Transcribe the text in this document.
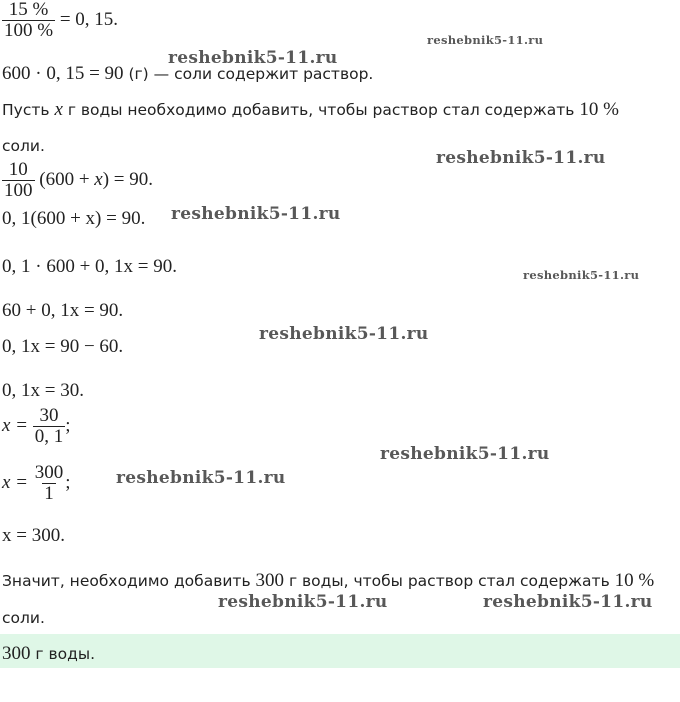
$\frac{15 \%}{100 \%} = 0$, 15.
600 · 0, 15 = 90 (г) — соли содержит раствор.
Пусть x г воды необходимо добавить, чтобы раствор стал содержать 10 %
соли.
$\frac{10}{100} (600 + x) = 90$.
0, 1(600 + x) = 90.
0, 1 · 600 + 0, 1x = 90.
60 + 0, 1x = 90.
0, 1x = 90 − 60.
0, 1x = 30.
$x = \frac{30}{0, 1}$ ;
$x = \frac{300}{1}$ ;
x = 300.
Значит, необходимо добавить 300 г воды, чтобы раствор стал содержать 10 %
соли.
300 г воды.
reshebnik5-11.ru
reshebnik5-11.ru
reshebnik5-11.ru
reshebnik5-11.ru
reshebnik5-11.ru
reshebnik5-11.ru
reshebnik5-11.ru
reshebnik5-11.ru
reshebnik5-11.ru	reshebnik5-11.ru
